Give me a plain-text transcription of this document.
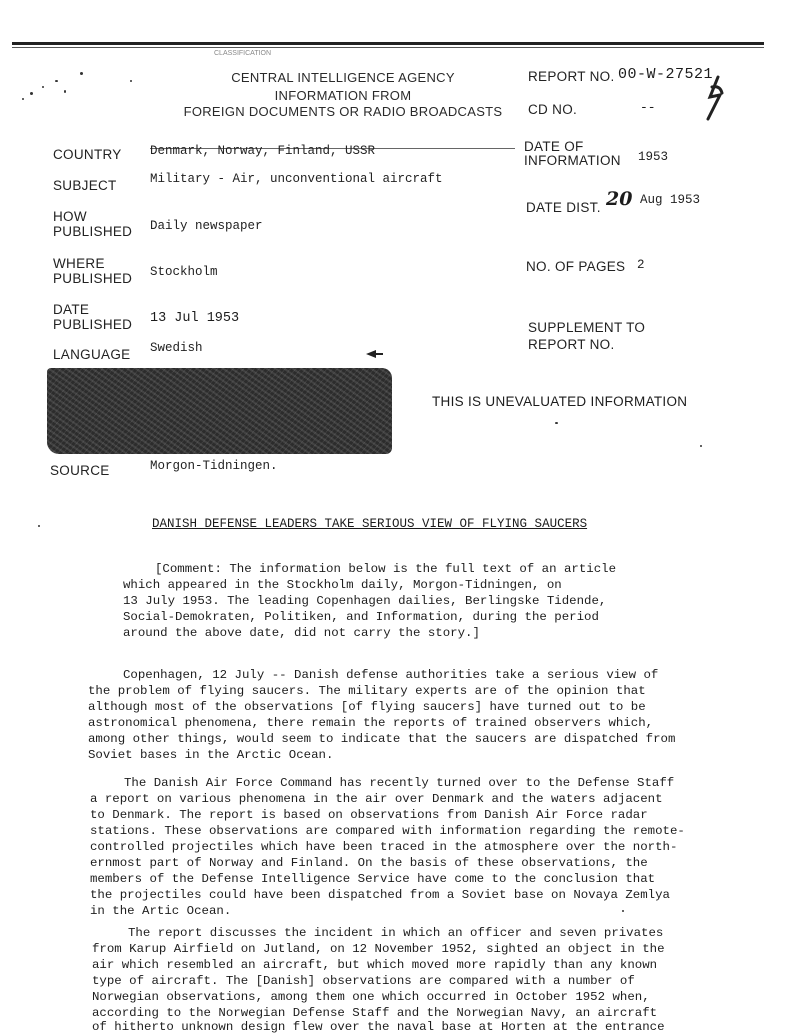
CLASSIFICATION
CENTRAL INTELLIGENCE AGENCY
INFORMATION FROM
FOREIGN DOCUMENTS OR RADIO BROADCASTS
REPORT NO. 00-W-27521
CD NO.	--
COUNTRY Denmark, Norway, Finland, USSR
SUBJECT	Military - Air, unconventional aircraft
HOW
PUBLISHED Daily newspaper
WHERE
PUBLISHED Stockholm
DATE
PUBLISHED 13 Jul 1953
LANGUAGE Swedish
DATE OF
INFORMATION 1953
DATE DIST. 20 Aug 1953
NO. OF PAGES 2
SUPPLEMENT TO
REPORT NO.
THIS IS UNEVALUATED INFORMATION
SOURCE	Morgon-Tidningen.
DANISH DEFENSE LEADERS TAKE SERIOUS VIEW OF FLYING SAUCERS
[Comment: The information below is the full text of an article
which appeared in the Stockholm daily, Morgon-Tidningen, on
13 July 1953. The leading Copenhagen dailies, Berlingske Tidende,
Social-Demokraten, Politiken, and Information, during the period
around the above date, did not carry the story.]
Copenhagen, 12 July -- Danish defense authorities take a serious view of
the problem of flying saucers. The military experts are of the opinion that
although most of the observations [of flying saucers] have turned out to be
astronomical phenomena, there remain the reports of trained observers which,
among other things, would seem to indicate that the saucers are dispatched from
Soviet bases in the Arctic Ocean.
The Danish Air Force Command has recently turned over to the Defense Staff
a report on various phenomena in the air over Denmark and the waters adjacent
to Denmark. The report is based on observations from Danish Air Force radar
stations. These observations are compared with information regarding the remote-
controlled projectiles which have been traced in the atmosphere over the north-
ernmost part of Norway and Finland. On the basis of these observations, the
members of the Defense Intelligence Service have come to the conclusion that
the projectiles could have been dispatched from a Soviet base on Novaya Zemlya
in the Artic Ocean.
The report discusses the incident in which an officer and seven privates
from Karup Airfield on Jutland, on 12 November 1952, sighted an object in the
air which resembled an aircraft, but which moved more rapidly than any known
type of aircraft. The [Danish] observations are compared with a number of
Norwegian observations, among them one which occurred in October 1952 when,
according to the Norwegian Defense Staff and the Norwegian Navy, an aircraft
of hitherto unknown design flew over the naval base at Horten at the entrance
